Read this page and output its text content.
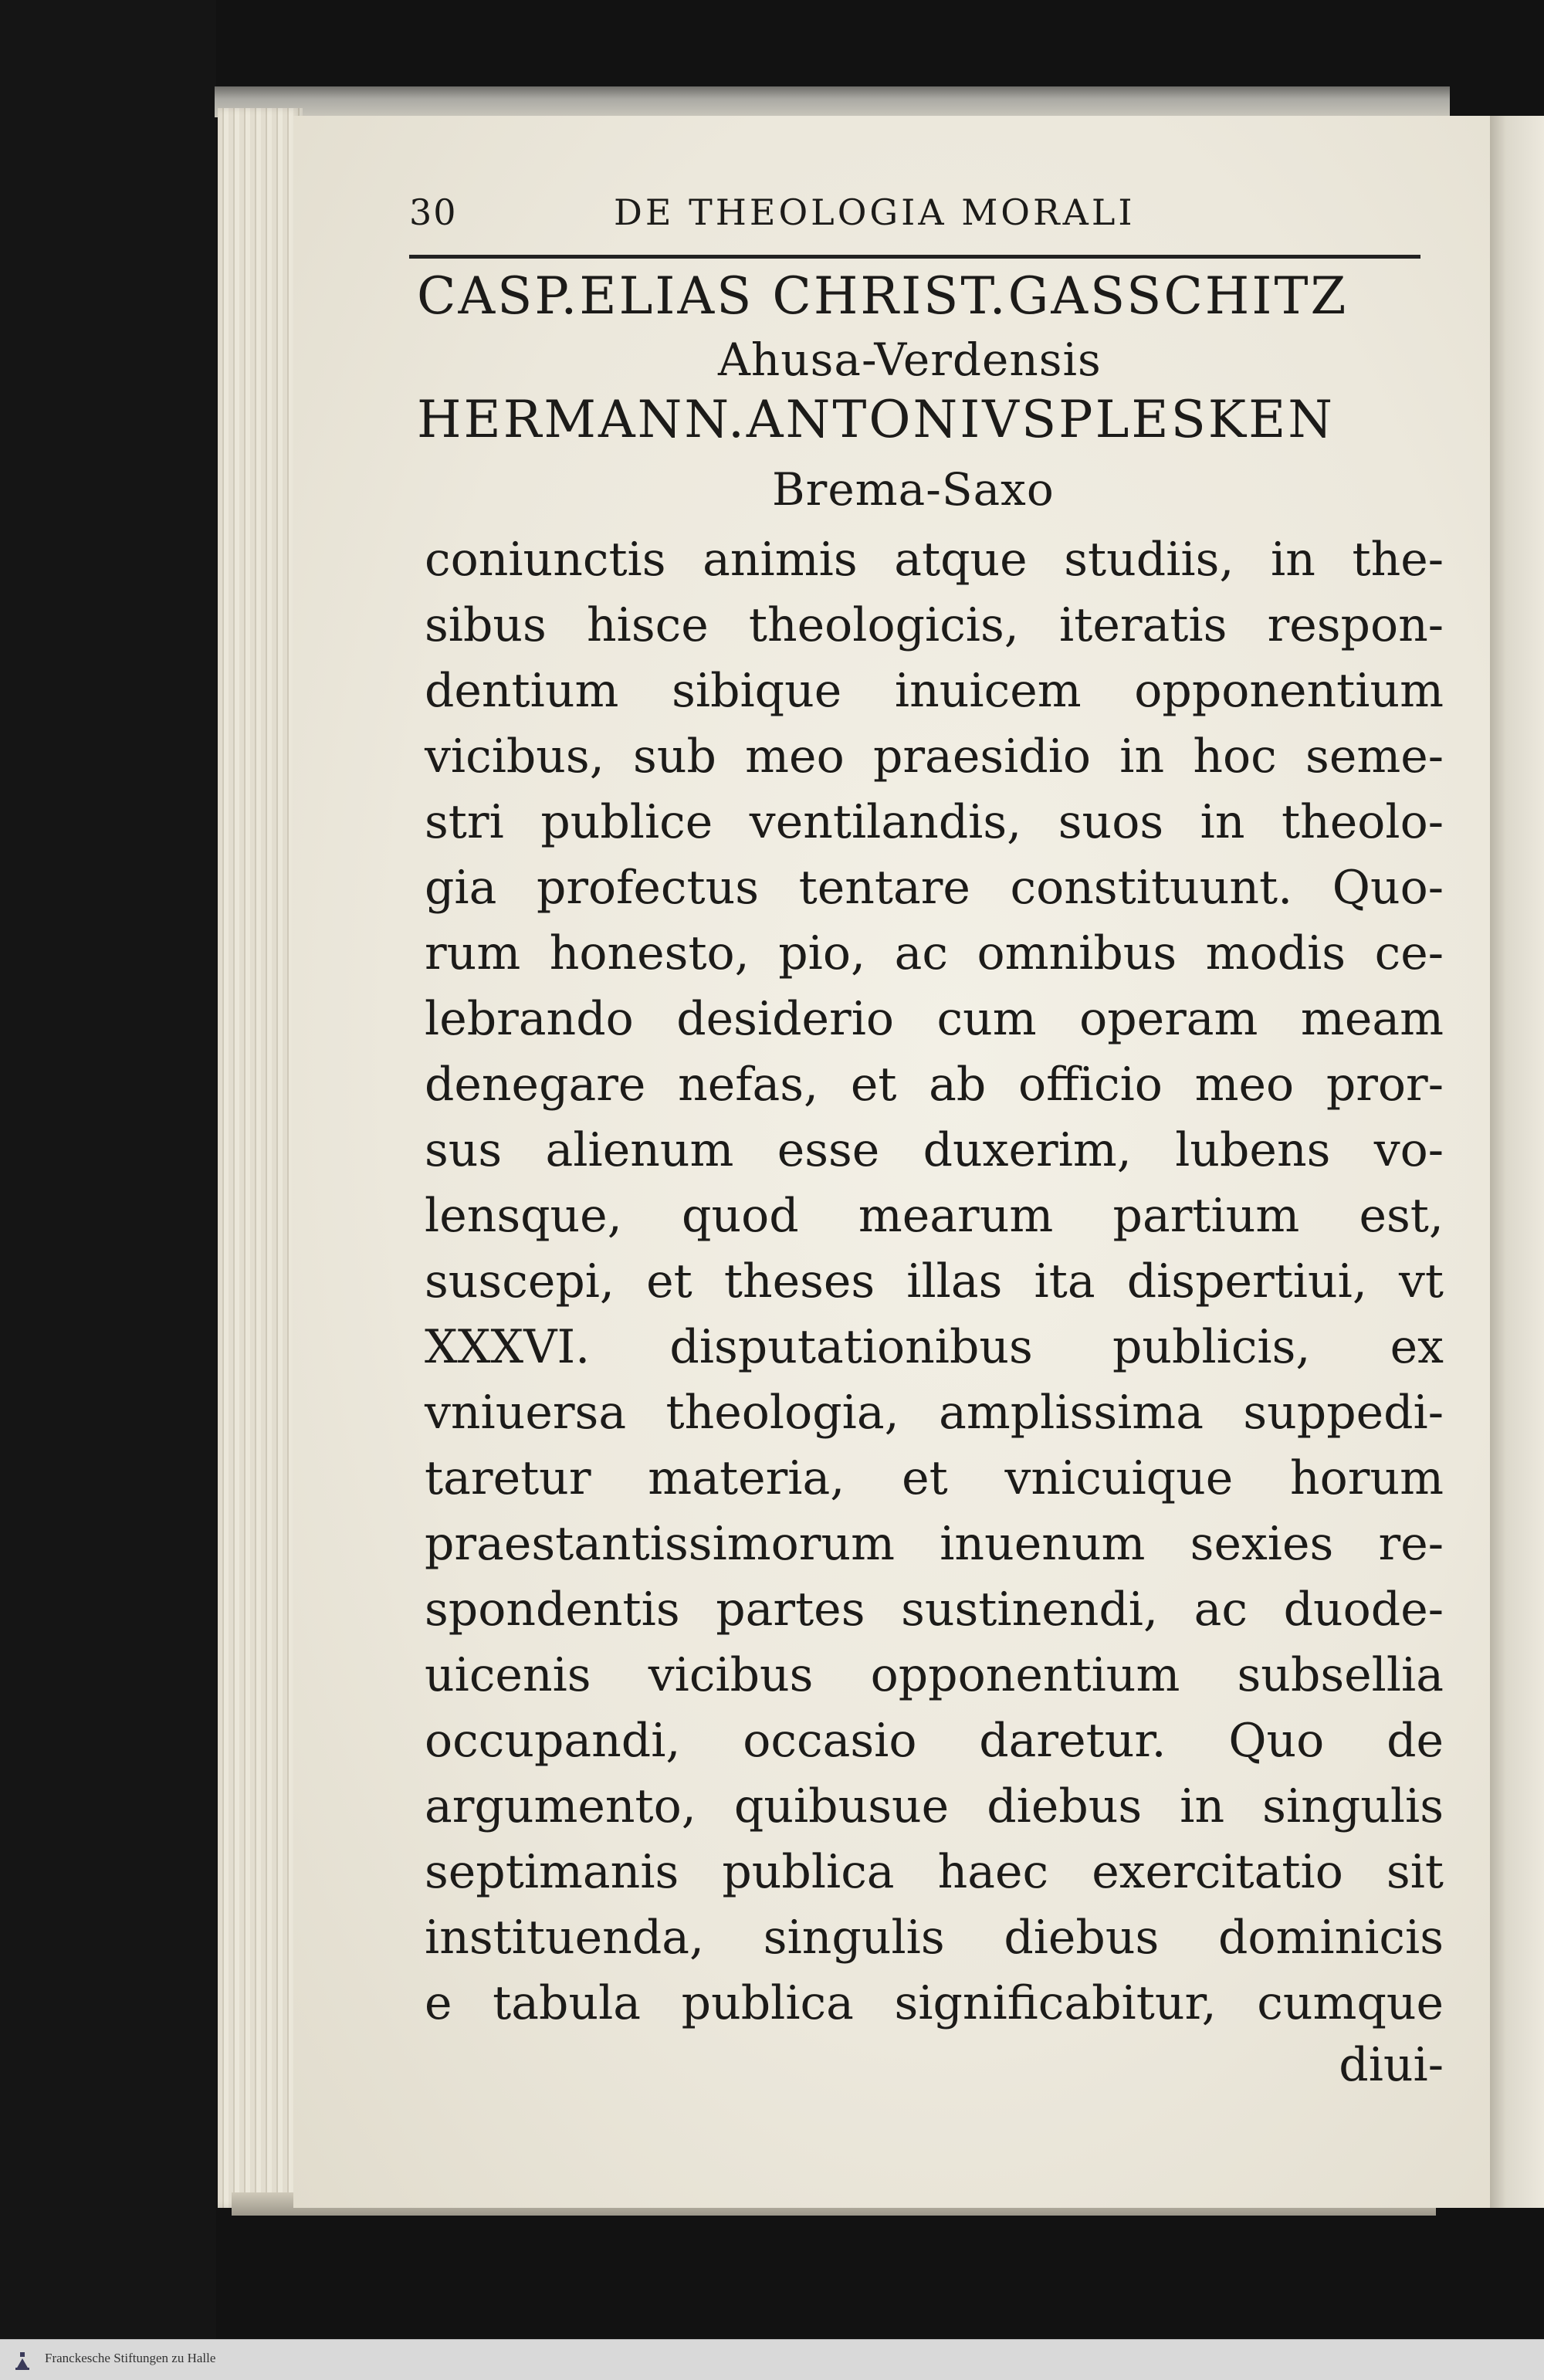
30	DE THEOLOGIA MORALI
CASP.ELIAS CHRIST.GASSCHITZ
Ahusa-Verdensis
HERMANN.ANTONIVSPLESKEN
Brema-Saxo
coniunctis animis atque studiis, in the-
sibus hisce theologicis, iteratis respon-
dentium sibique inuicem opponentium
vicibus, sub meo praesidio in hoc seme-
stri publice ventilandis, suos in theolo-
gia profectus tentare constituunt. Quo-
rum honesto, pio, ac omnibus modis ce-
lebrando desiderio cum operam meam
denegare nefas, et ab officio meo pror-
sus alienum esse duxerim, lubens vo-
lensque, quod mearum partium est,
suscepi, et theses illas ita dispertiui, vt
XXXVI. disputationibus publicis, ex
vniuersa theologia, amplissima suppedi-
taretur materia, et vnicuique horum
praestantissimorum inuenum sexies re-
spondentis partes sustinendi, ac duode-
uicenis vicibus opponentium subsellia
occupandi, occasio daretur. Quo de
argumento, quibusue diebus in singulis
septimanis publica haec exercitatio sit
instituenda, singulis diebus dominicis
e tabula publica significabitur, cumque
diui-
Franckesche Stiftungen zu Halle
